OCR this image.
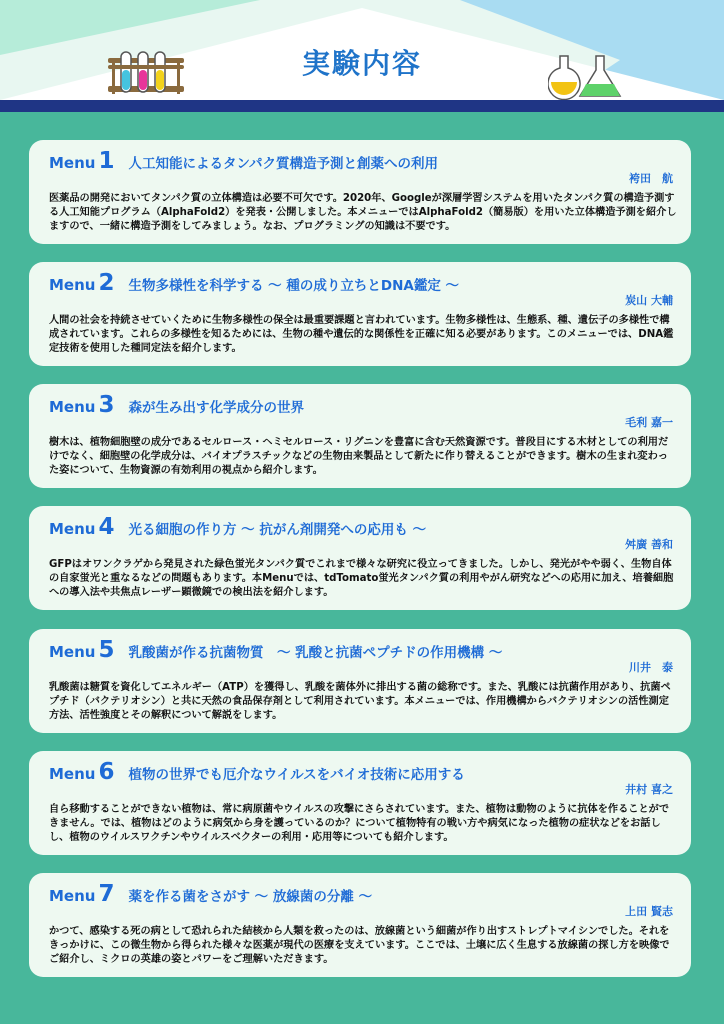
実験内容
Menu 1 人工知能によるタンパク質構造予測と創薬への利用
袴田　航

医薬品の開発においてタンパク質の立体構造は必要不可欠です。2020年、Googleが深層学習システムを用いたタンパク質の構造予測する人工知能プログラム（AlphaFold2）を発表・公開しました。本メニューではAlphaFold2（簡易版）を用いた立体構造予測を紹介しますので、一緒に構造予測をしてみましょう。なお、プログラミングの知識は不要です。

Menu 2 生物多様性を科学する ～ 種の成り立ちとDNA鑑定 ～
炭山 大輔

人間の社会を持続させていくために生物多様性の保全は最重要課題と言われています。生物多様性は、生態系、種、遺伝子の多様性で構成されています。これらの多様性を知るためには、生物の種や遺伝的な関係性を正確に知る必要があります。このメニューでは、DNA鑑定技術を使用した種同定法を紹介します。

Menu 3 森が生み出す化学成分の世界
毛利 嘉一

樹木は、植物細胞壁の成分であるセルロース・ヘミセルロース・リグニンを豊富に含む天然資源です。普段目にする木材としての利用だけでなく、細胞壁の化学成分は、バイオプラスチックなどの生物由来製品として新たに作り替えることができます。樹木の生まれ変わった姿について、生物資源の有効利用の視点から紹介します。

Menu 4 光る細胞の作り方 ～ 抗がん剤開発への応用も ～
舛廣 善和

GFPはオワンクラゲから発見された緑色蛍光タンパク質でこれまで様々な研究に役立ってきました。しかし、発光がやや弱く、生物自体の自家蛍光と重なるなどの問題もあります。本Menuでは、tdTomato蛍光タンパク質の利用やがん研究などへの応用に加え、培養細胞への導入法や共焦点レーザー顕微鏡での検出法を紹介します。

Menu 5 乳酸菌が作る抗菌物質　～ 乳酸と抗菌ペプチドの作用機構 ～
川井　泰

乳酸菌は糖質を資化してエネルギー（ATP）を獲得し、乳酸を菌体外に排出する菌の総称です。また、乳酸には抗菌作用があり、抗菌ペプチド（バクテリオシン）と共に天然の食品保存剤として利用されています。本メニューでは、作用機構からバクテリオシンの活性測定方法、活性強度とその解釈について解説をします。

Menu 6 植物の世界でも厄介なウイルスをバイオ技術に応用する
井村 喜之

自ら移動することができない植物は、常に病原菌やウイルスの攻撃にさらされています。また、植物は動物のように抗体を作ることができません。では、植物はどのように病気から身を護っているのか？について植物特有の戦い方や病気になった植物の症状などをお話しし、植物のウイルスワクチンやウイルスベクターの利用・応用等についても紹介します。

Menu 7 薬を作る菌をさがす ～ 放線菌の分離 ～
上田 賢志

かつて、感染する死の病として恐れられた結核から人類を救ったのは、放線菌という細菌が作り出すストレプトマイシンでした。それをきっかけに、この微生物から得られた様々な医薬が現代の医療を支えています。ここでは、土壌に広く生息する放線菌の探し方を映像でご紹介し、ミクロの英雄の姿とパワーをご理解いただきます。
